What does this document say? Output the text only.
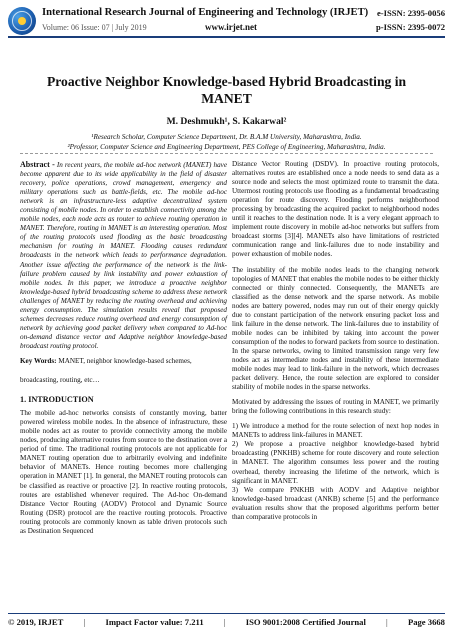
International Research Journal of Engineering and Technology (IRJET)
Volume: 06 Issue: 07 | July 2019	www.irjet.net
e-ISSN: 2395-0056
p-ISSN: 2395-0072
Proactive Neighbor Knowledge-based Hybrid Broadcasting in MANET
M. Deshmukh¹, S. Kakarwal²
¹Research Scholar, Computer Science Department, Dr. B.A.M University, Maharashtra, India.
²Professor, Computer Science and Engineering Department, PES College of Engineering, Maharashtra, India.

Abstract - In recent years, the mobile ad-hoc network (MANET) have become apparent due to its wide applicability in the field of disaster recovery, police operations, crowd management, emergency and military operations such as battle-fields, etc. The mobile ad-hoc network is an infrastructure-less adaptive decentralized system consisting of mobile nodes. In order to establish connectivity among the mobile nodes, each node acts as router to achieve routing operation in MANET. Therefore, routing in MANET is an interesting operation. Most of the routing protocols used flooding as the basic broadcasting mechanism for routing in MANET. Flooding causes redundant broadcasts in the network which leads to performance degradation. Another issue affecting the performance of the network is the link-failure problem caused by link instability and power exhaustion of mobile nodes. In this paper, we introduce a proactive neighbor knowledge-based hybrid broadcasting scheme to address these network challenges of MANET by reducing the routing overhead and achieving energy consumption. The simulation results reveal that proposed schemes decreases reduce routing overhead and energy consumption of network by achieving good packet delivery when compared to Ad-hoc on-demand distance vector and Adaptive neighbor knowledge-based broadcast routing protocol.

Key Words: MANET, neighbor knowledge-based schemes,

broadcasting, routing, etc…

1. INTRODUCTION

The mobile ad-hoc networks consists of constantly moving, batter powered wireless mobile nodes. In the absence of infrastructure, these mobile nodes act as router to provide connectivity among the mobile nodes, producing alternative routes from source to the destination over a period of time. The traditional routing protocols are not applicable for MANET routing operation due to arbitrarily evolving and indefinite behavior of MANETs. Hence routing becomes more challenging operation in MANET [1]. In general, the MANET routing protocols can be classified as reactive or proactive [2]. In reactive routing protocols, routes are established whenever required. The Ad-hoc On-demand Distance Vector Routing (AODV) Protocol and Dynamic Source Routing (DSR) protocol are the reactive routing protocols. Proactive routing protocols are commonly known as table driven protocols such as Destination Sequenced

Distance Vector Routing (DSDV). In proactive routing protocols, alternatives routes are established once a node needs to send data as a source node and selects the most optimized route to transmit the data. Uttermost routing protocols use flooding as a fundamental broadcasting operation for route discovery. Flooding performs neighborhood processing by broadcasting the acquired packet to neighborhood nodes until it reaches to the destination node. It is a very elegant approach to implement route discovery in mobile ad-hoc networks but suffers from broadcast storms [3][4]. MANETs also have limitations of restricted communication range and link-failures due to node instability and power exhaustion of mobile nodes.

The instability of the mobile nodes leads to the changing network topologies of MANET that enables the mobile nodes to be either thickly connected or thinly connected. Consequently, the MANETs are classified as the dense network and the sparse network. As mobile nodes are battery powered, nodes may run out of their energy quickly due to constant participation of the network ensuring packet loss and link failure in the dense network. The link-failures due to instability of mobile nodes can be inhibited by taking into account the power consumption of the nodes to forward packets from source to destination. In the sparse networks, owing to limited transmission range very few nodes act as intermediate nodes and instability of these intermediate mobile nodes may lead to link-failure in the network, which decreases packet delivery. Hence, the route selection are explored to consider stability of mobile nodes in the sparse networks.

Motivated by addressing the issues of routing in MANET, we primarily bring the following contributions in this research study:

1) We introduce a method for the route selection of next hop nodes in MANETs to address link-failures in MANET.

2) We propose a proactive neighbor knowledge-based hybrid broadcasting (PNKHB) scheme for route discovery and route selection in MANET. The algorithm consumes less power and the routing overhead, thereby increasing the lifetime of the network, which is significant in MANET.

3) We compare PNKHB with AODV and Adaptive neighbor knowledge-based broadcast (ANKB) scheme [5] and the performance evaluation results show that the proposed algorithms perform better than comparative protocols in

© 2019, IRJET | Impact Factor value: 7.211 | ISO 9001:2008 Certified Journal | Page 3668
